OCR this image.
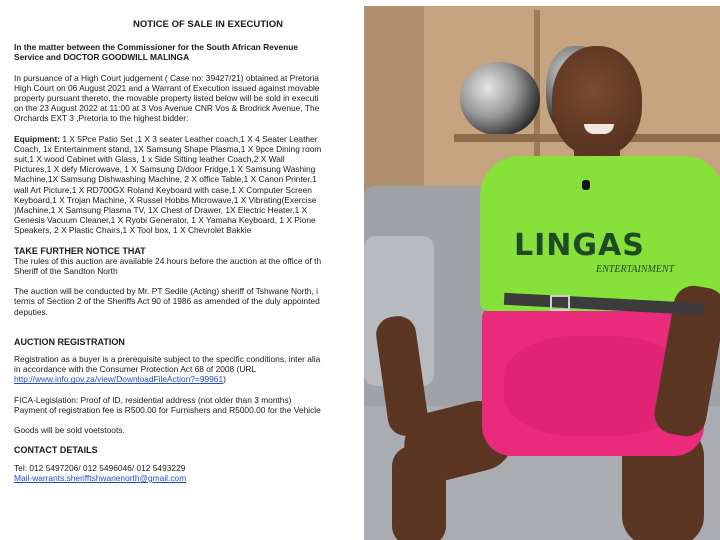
NOTICE OF SALE IN EXECUTION

In the matter between the Commissioner for the South African Revenue

Service and DOCTOR GOODWILL MALINGA

In pursuance of a High Court judgement ( Case no: 39427/21) obtained at Pretoria

High Court on 06 August 2021 and a Warrant of Execution issued against movable

property pursuant thereto, the movable property listed below will be sold in executi

on the 23 August 2022 at 11:00 at 3 Vos Avenue CNR Vos & Brodrick Avenue, The

Orchards EXT 3 ,Pretoria to the highest bidder:

Equipment: 1 X 5Pce Patio Set ,1 X 3 seater Leather coach,1 X 4 Seater Leather

Coach, 1x Entertainment stand, 1X Samsung Shape Plasma,1 X 9pce Dining room

suit,1 X wood Cabinet with Glass, 1 x Side Sitting leather Coach,2 X Wall

Pictures,1 X defy Microwave, 1 X Samsung D/door Fridge,1 X Samsung Washing

Machine,1X Samsung Dishwashing Machine, 2 X office Table,1 X Canon Printer,1

wall Art Picture,1 X RD700GX Roland Keyboard with case,1 X Computer Screen

Keyboard,1 X Trojan Machine, X Russel Hobbs Microwave,1 X Vibrating(Exercise

)Machine,1 X Samsung Plasma TV, 1X Chest of Drawer, 1X Electric Heater,1 X

Genesis Vacuum Cleaner,1 X Ryobi Generator, 1 X Yamaha Keyboard, 1 X Pione

Speakers, 2 X Plastic Chairs,1 X Tool box, 1 X Chevrolet Bakkie

TAKE FURTHER NOTICE THAT

The rules of this auction are available 24 hours before the auction at the office of th

Sheriff of the Sandton North

The auction will be conducted by Mr. PT Sedile (Acting) sheriff of Tshwane North, i

terms of Section 2 of the Sheriffs Act 90 of 1986 as amended of the duly appointed

deputies.

AUCTION REGISTRATION

Registration as a buyer is a prerequisite subject to the specific conditions, inter alia

in accordance with the Consumer Protection Act 68 of 2008 (URL

http://www.info.gov.za/view/DownloadFileAction?=99961)

FICA-Legislation: Proof of ID, residential address (not older than 3 months)

Payment of registration fee is R500.00 for Furnishers and R5000.00 for the Vehicle

Goods will be sold voetstoots.

CONTACT DETAILS

Tel: 012 5497206/ 012 5496046/ 012 5493229

Mail-warrants.sherifftshwanenorth@gmail.com

LINGAS
ENTERTAINMENT
